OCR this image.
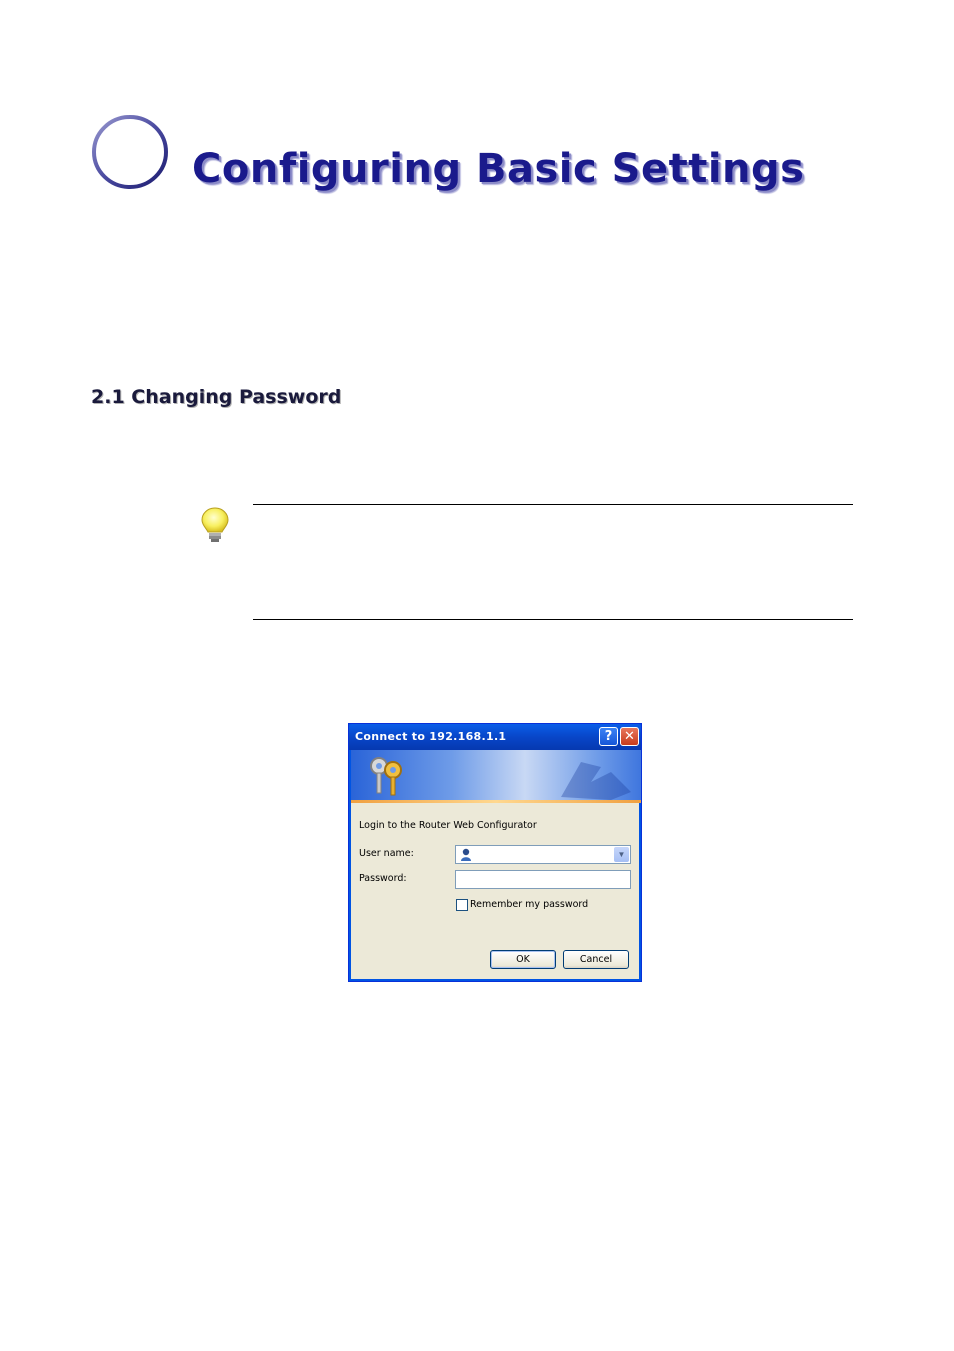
Configuring Basic Settings
2.1 Changing Password
Connect to 192.168.1.1	? ✕
Login to the Router Web Configurator
User name:	▼
Password:
Remember my password
OK	Cancel
